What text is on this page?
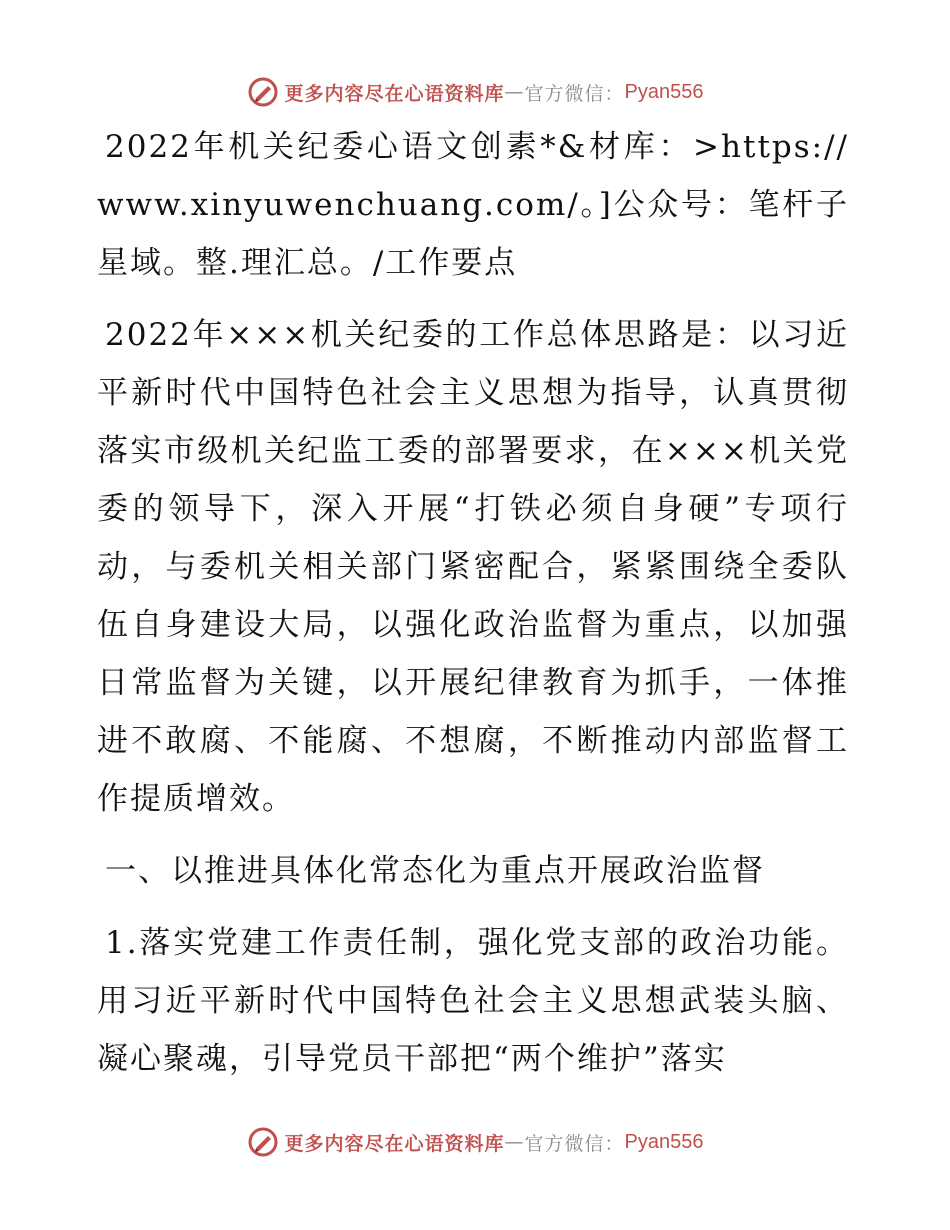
更多内容尽在心语资料库 — 官方微信： Pyan556

2022年机关纪委心语文创素*&材库：>https://www.xinyuwenchuang.com/。]公众号：笔杆子星域。整.理汇总。/工作要点

2022年×××机关纪委的工作总体思路是：以习近平新时代中国特色社会主义思想为指导，认真贯彻落实市级机关纪监工委的部署要求，在×××机关党委的领导下，深入开展“打铁必须自身硬”专项行动，与委机关相关部门紧密配合，紧紧围绕全委队伍自身建设大局，以强化政治监督为重点，以加强日常监督为关键，以开展纪律教育为抓手，一体推进不敢腐、不能腐、不想腐，不断推动内部监督工作提质增效。

一、以推进具体化常态化为重点开展政治监督

1.落实党建工作责任制，强化党支部的政治功能。用习近平新时代中国特色社会主义思想武装头脑、凝心聚魂，引导党员干部把“两个维护”落实

更多内容尽在心语资料库 — 官方微信： Pyan556
